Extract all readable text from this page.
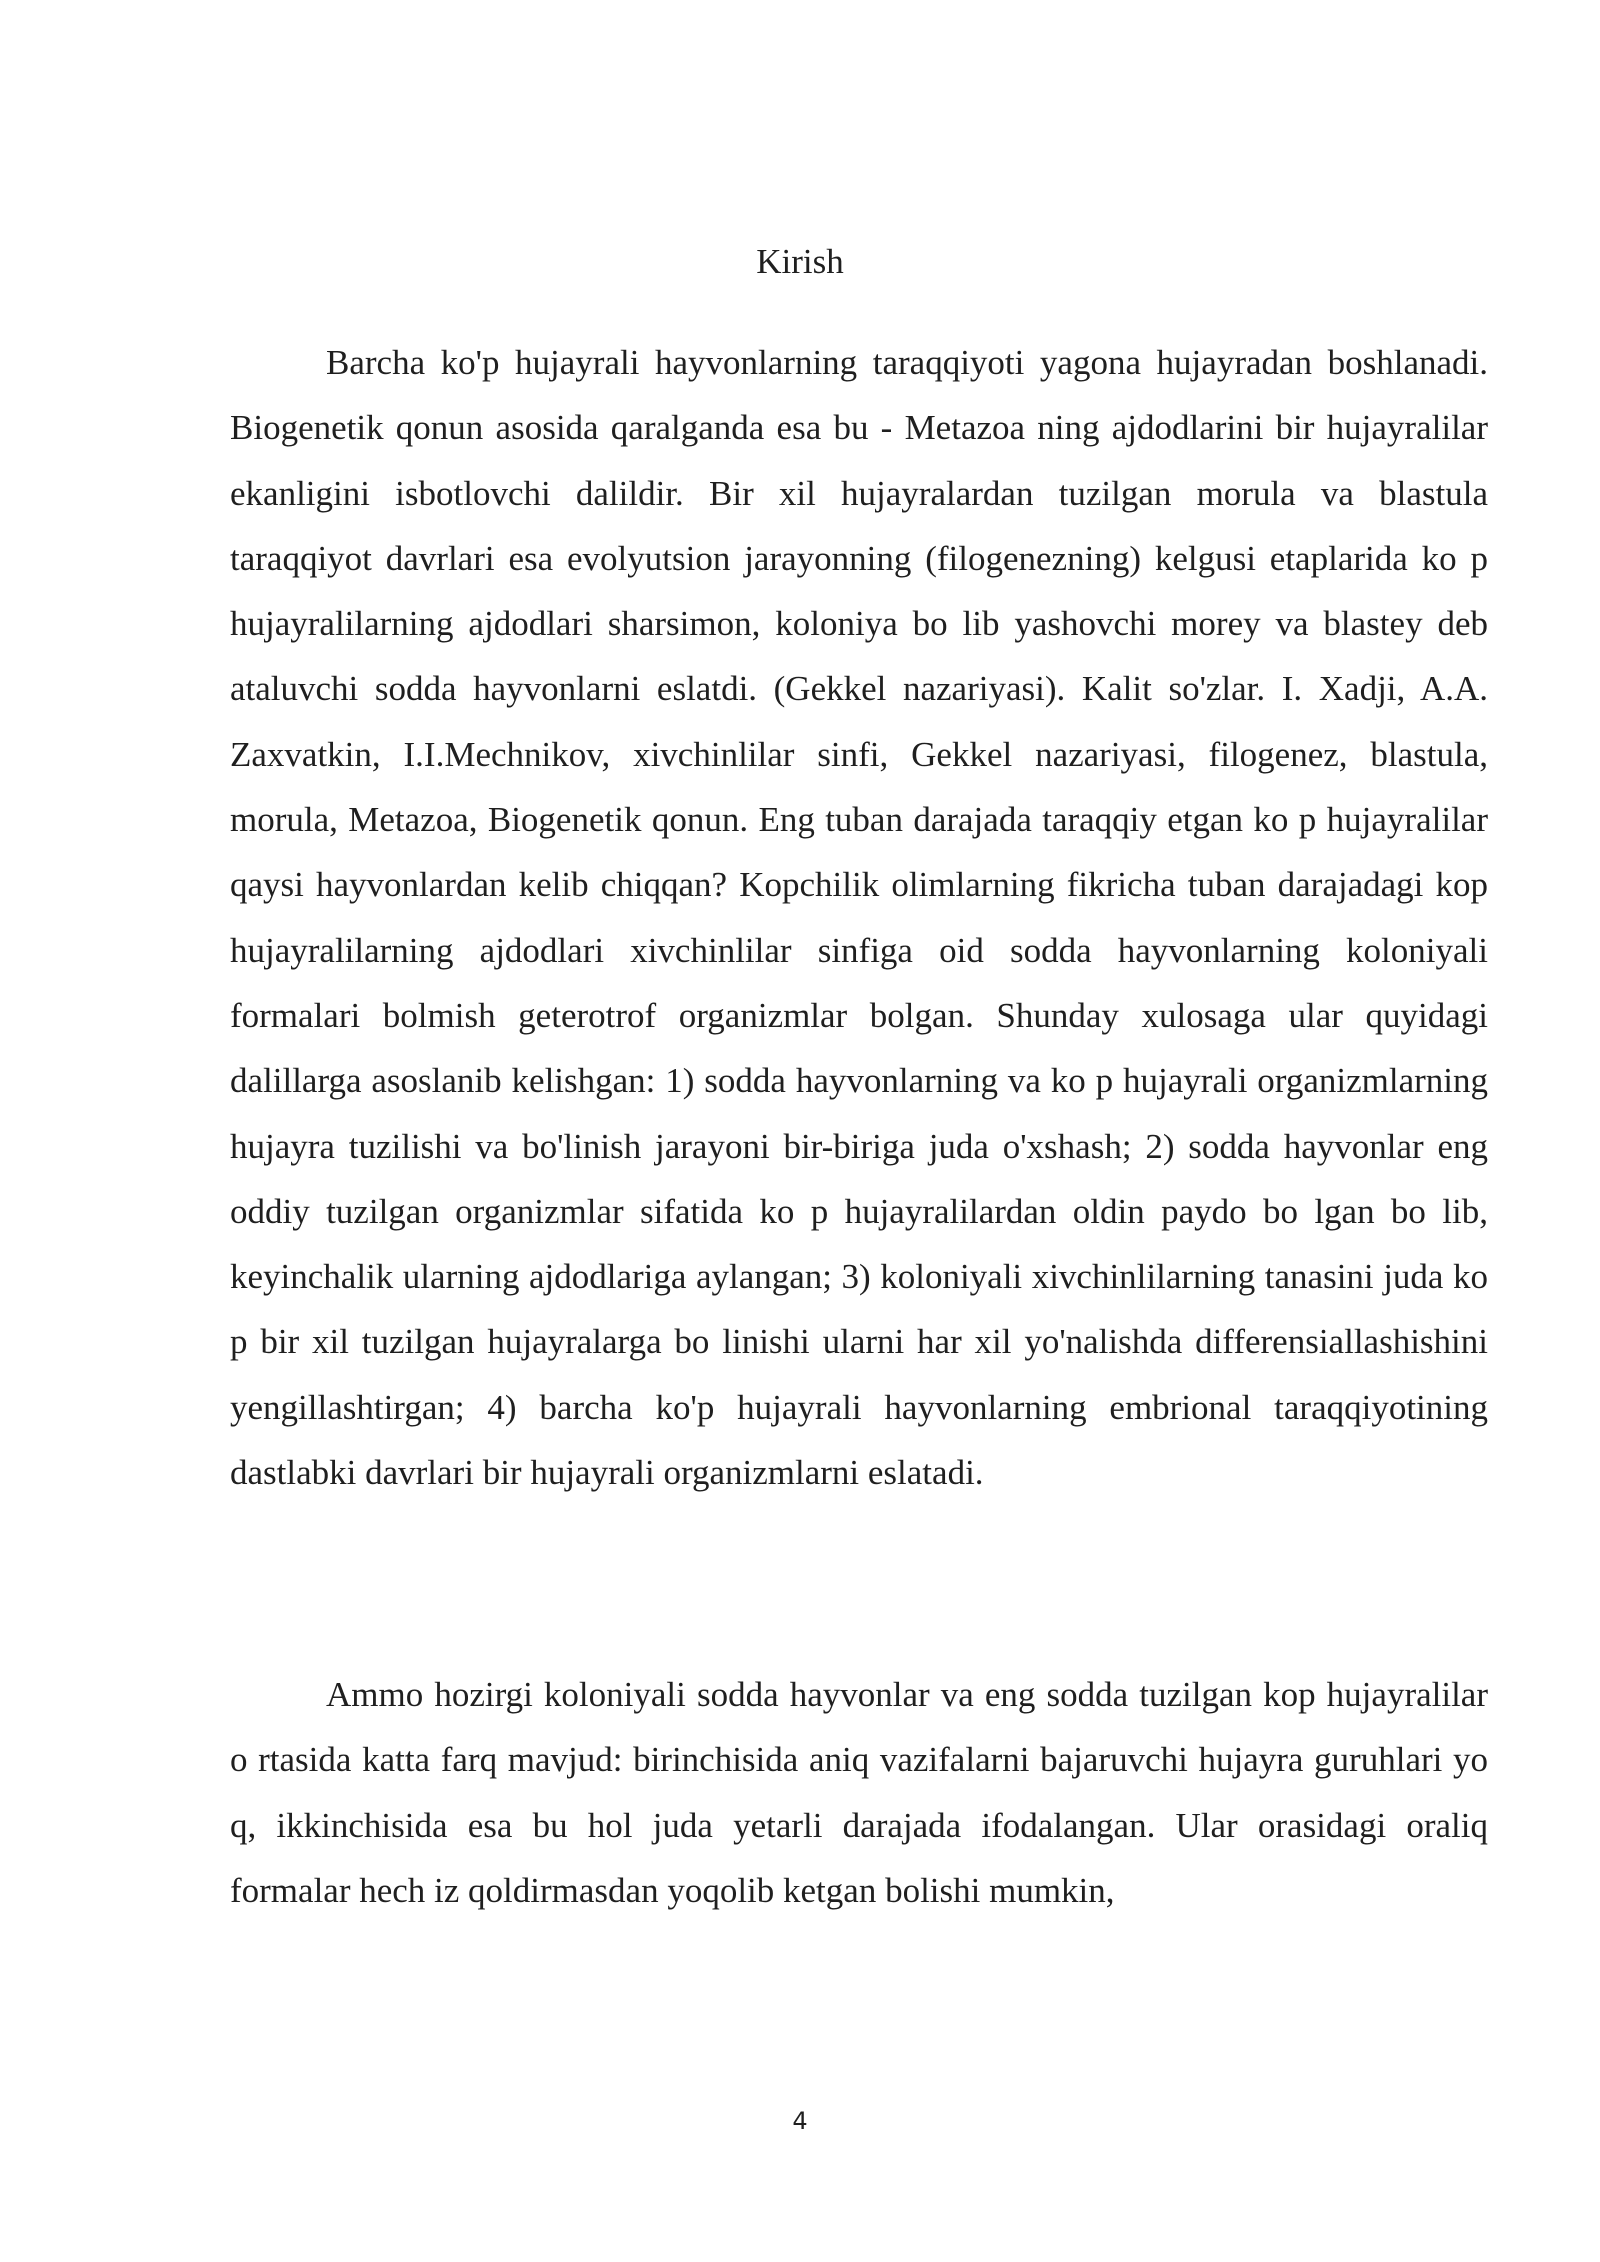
Kirish

Barcha ko'p hujayrali hayvonlarning taraqqiyoti yagona hujayradan boshlanadi. Biogenetik qonun asosida qaralganda esa bu - Metazoa ning ajdodlarini bir hujayralilar ekanligini isbotlovchi dalildir. Bir xil hujayralardan tuzilgan morula va blastula taraqqiyot davrlari esa evolyutsion jarayonning (filogenezning) kelgusi etaplarida ko p hujayralilarning ajdodlari sharsimon, koloniya bo lib yashovchi morey va blastey deb ataluvchi sodda hayvonlarni eslatdi. (Gekkel nazariyasi). Kalit so'zlar. I. Xadji, A.A. Zaxvatkin, I.I.Mechnikov, xivchinlilar sinfi, Gekkel nazariyasi, filogenez, blastula, morula, Metazoa, Biogenetik qonun. Eng tuban darajada taraqqiy etgan ko p hujayralilar qaysi hayvonlardan kelib chiqqan? Kopchilik olimlarning fikricha tuban darajadagi kop hujayralilarning ajdodlari xivchinlilar sinfiga oid sodda hayvonlarning koloniyali formalari bolmish geterotrof organizmlar bolgan. Shunday xulosaga ular quyidagi dalillarga asoslanib kelishgan: 1) sodda hayvonlarning va ko p hujayrali organizmlarning hujayra tuzilishi va bo'linish jarayoni bir-biriga juda o'xshash; 2) sodda hayvonlar eng oddiy tuzilgan organizmlar sifatida ko p hujayralilardan oldin paydo bo lgan bo lib, keyinchalik ularning ajdodlariga aylangan; 3) koloniyali xivchinlilarning tanasini juda ko p bir xil tuzilgan hujayralarga bo linishi ularni har xil yo'nalishda differensiallashishini yengillashtirgan; 4) barcha ko'p hujayrali hayvonlarning embrional taraqqiyotining dastlabki davrlari bir hujayrali organizmlarni eslatadi.

Ammo hozirgi koloniyali sodda hayvonlar va eng sodda tuzilgan kop hujayralilar o rtasida katta farq mavjud: birinchisida aniq vazifalarni bajaruvchi hujayra guruhlari yo q, ikkinchisida esa bu hol juda yetarli darajada ifodalangan. Ular orasidagi oraliq formalar hech iz qoldirmasdan yoqolib ketgan bolishi mumkin,

4
